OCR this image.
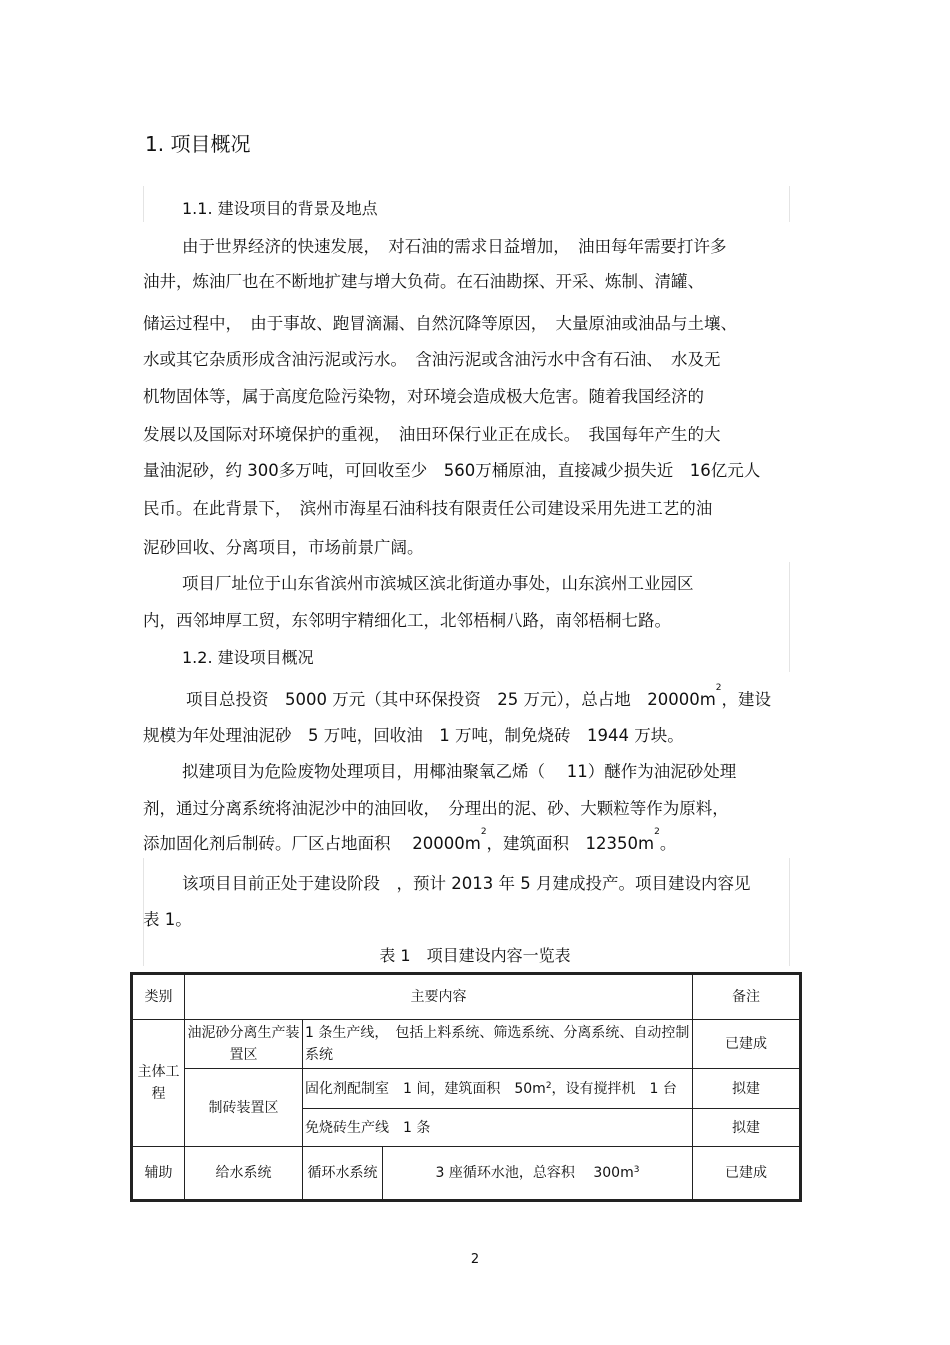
1. 项目概况
1.1. 建设项目的背景及地点
由于世界经济的快速发展，　对石油的需求日益增加，　油田每年需要打许多
油井，炼油厂也在不断地扩建与增大负荷。在石油勘探、开采、炼制、清罐、
储运过程中，　由于事故、跑冒滴漏、自然沉降等原因，　大量原油或油品与土壤、
水或其它杂质形成含油污泥或污水。　含油污泥或含油污水中含有石油、　水及无
机物固体等，属于高度危险污染物，对环境会造成极大危害。随着我国经济的
发展以及国际对环境保护的重视，　油田环保行业正在成长。　我国每年产生的大
量油泥砂，约 300多万吨，可回收至少　560万桶原油，直接减少损失近　16亿元人
民币。在此背景下，　滨州市海星石油科技有限责任公司建设采用先进工艺的油
泥砂回收、分离项目，市场前景广阔。
项目厂址位于山东省滨州市滨城区滨北街道办事处，山东滨州工业园区
内，西邻坤厚工贸，东邻明宇精细化工，北邻梧桐八路，南邻梧桐七路。
1.2. 建设项目概况
项目总投资　5000 万元（其中环保投资　25 万元），总占地　$20000m^2$，建设
规模为年处理油泥砂　5 万吨，回收油　1 万吨，制免烧砖　1944 万块。
拟建项目为危险废物处理项目，用椰油聚氧乙烯（　 11）醚作为油泥砂处理
剂，通过分离系统将油泥沙中的油回收，　分理出的泥、砂、大颗粒等作为原料，
添加固化剂后制砖。厂区占地面积　 $20000m^2$，建筑面积　$12350m^2$。
该项目目前正处于建设阶段　，预计 2013 年 5 月建成投产。项目建设内容见
表 1。
表 1 项目建设内容一览表
类别	主要内容			备注
主体工程	油泥砂分离生产装置区	1 条生产线，　包括上料系统、筛选系统、分离系统、自动控制系统		已建成
	制砖装置区	固化剂配制室　1 间，建筑面积　$50m^2$，设有搅拌机　1 台		拟建
		免烧砖生产线　1 条		拟建
辅助	给水系统	循环水系统	3 座循环水池，总容积　 $300m^3$	已建成
2
